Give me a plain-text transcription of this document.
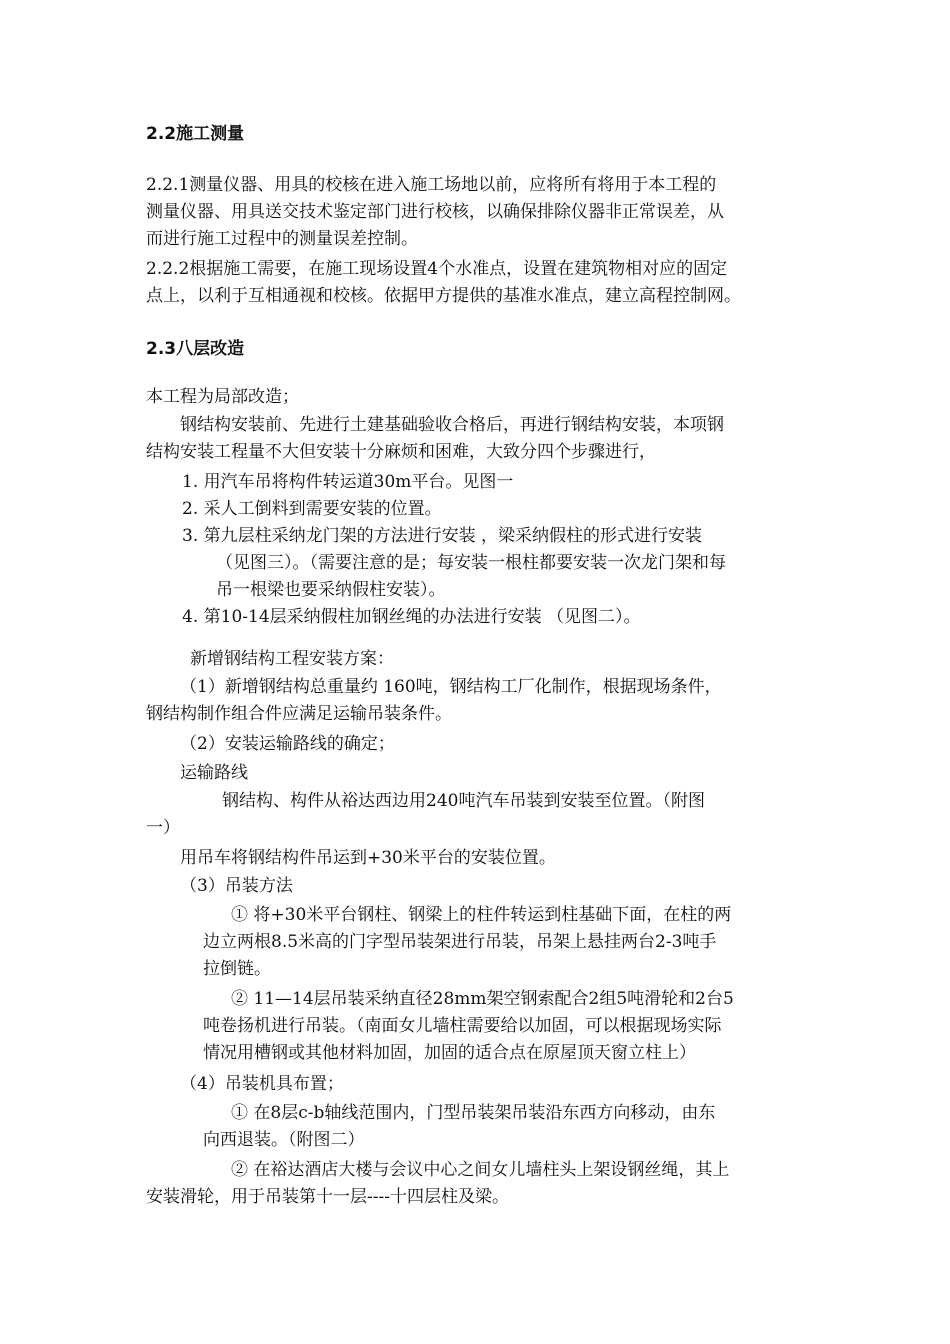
2.2施工测量
2.2.1测量仪器、用具的校核在进入施工场地以前，应将所有将用于本工程的
测量仪器、用具送交技术鉴定部门进行校核，以确保排除仪器非正常误差，从
而进行施工过程中的测量误差控制。
2.2.2根据施工需要，在施工现场设置4个水准点，设置在建筑物相对应的固定
点上，以利于互相通视和校核。依据甲方提供的基准水准点，建立高程控制网。
2.3八层改造
本工程为局部改造；
钢结构安装前、先进行土建基础验收合格后，再进行钢结构安装，本项钢
结构安装工程量不大但安装十分麻烦和困难，大致分四个步骤进行，
1. 用汽车吊将构件转运道30m平台。见图一
2. 采人工倒料到需要安装的位置。
3. 第九层柱采纳龙门架的方法进行安装 ，梁采纳假柱的形式进行安装
（见图三）。（需要注意的是；每安装一根柱都要安装一次龙门架和每
吊一根梁也要采纳假柱安装）。
4. 第10-14层采纳假柱加钢丝绳的办法进行安装 （见图二）。
新增钢结构工程安装方案：
（1）新增钢结构总重量约 160吨，钢结构工厂化制作，根据现场条件，
钢结构制作组合件应满足运输吊装条件。
（2）安装运输路线的确定；
运输路线
钢结构、构件从裕达西边用240吨汽车吊装到安装至位置。（附图
一）
用吊车将钢结构件吊运到+30米平台的安装位置。
（3）吊装方法
① 将+30米平台钢柱、钢梁上的柱件转运到柱基础下面，在柱的两
边立两根8.5米高的门字型吊装架进行吊装，吊架上悬挂两台2-3吨手
拉倒链。
② 11—14层吊装采纳直径28mm架空钢索配合2组5吨滑轮和2台5
吨卷扬机进行吊装。（南面女儿墙柱需要给以加固，可以根据现场实际
情况用槽钢或其他材料加固，加固的适合点在原屋顶天窗立柱上）
（4）吊装机具布置；
① 在8层c-b轴线范围内，门型吊装架吊装沿东西方向移动，由东
向西退装。（附图二）
② 在裕达酒店大楼与会议中心之间女儿墙柱头上架设钢丝绳，其上
安装滑轮，用于吊装第十一层----十四层柱及梁。
